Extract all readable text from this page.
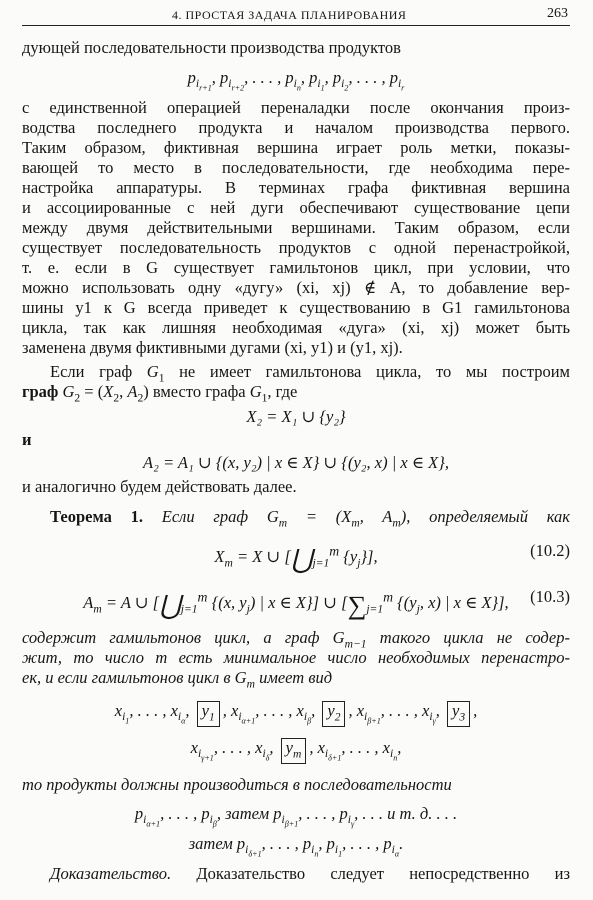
4. ПРОСТАЯ ЗАДАЧА ПЛАНИРОВАНИЯ	263
дующей последовательности производства продуктов
$p_{i_{r+1}}$, $p_{i_{r+2}}$, . . . , $p_{i_n}$, $p_{i_1}$, $p_{i_2}$, . . . , $p_{i_r}$
с единственной операцией переналадки после окончания произ-
водства последнего продукта и началом производства первого.
Таким образом, фиктивная вершина играет роль метки, показы-
вающей то место в последовательности, где необходима пере-
настройка аппаратуры. В терминах графа фиктивная вершина
и ассоциированные с ней дуги обеспечивают существование цепи
между двумя действительными вершинами. Таким образом, если
существует последовательность продуктов с одной перенастройкой,
т. е. если в G существует гамильтонов цикл, при условии, что
можно использовать одну «дугу» (xi, xj) ∉ A, то добавление вер-
шины y1 к G всегда приведет к существованию в G1 гамильтонова
цикла, так как лишняя необходимая «дуга» (xi, xj) может быть
заменена двумя фиктивными дугами (xi, y1) и (y1, xj).
Если граф $G_1$ не имеет гамильтонова цикла, то мы построим
граф $G_2 = (X_2$, $A_2$) вместо графа $G_1$, где
X₂ = X₁ ∪ {y₂}
и
A₂ = A₁ ∪ {(x, y₂) | x ∈ X} ∪ {(y₂, x) | x ∈ X},
и аналогично будем действовать далее.
Теорема 1. Если граф $G_m = (X_m$, $A_m$), определяемый как
$X_m = X$ ∪ [$⋃_{j=1}^m$ $\{y_j\}$],	(10.2)
$A_m = A$ ∪ [$⋃_{j=1}^m$ {(x, $y_j$) | x ∈ X}] ∪ [$\sum_{j=1}^m$ {($y_j$, x) | x ∈ X}], (10.3)
содержит гамильтонов цикл, а граф $G_{m-1}$ такого цикла не содер-
жит, то число m есть минимальное число необходимых перенастро-
ек, и если гамильтонов цикл в $G_m$ имеет вид
$x_{i_1}$, . . . , $x_{i_\alpha}$, $y_1$ , $x_{i_{\alpha+1}}$, . . . , $x_{i_\beta}$, $y_2$ , $x_{i_{\beta+1}}$, . . . , $x_{i_\gamma}$, $y_3$ ,
$x_{i_{\gamma+1}}$, . . . , $x_{i_\delta}$, $y_m$ , $x_{i_{\delta+1}}$, . . . , $x_{i_n}$,
то продукты должны производиться в последовательности
$p_{i_{\alpha+1}}$, . . . , $p_{i_\beta}$, затем $p_{i_{\beta+1}}$, . . . , $p_{i_\gamma}$, . . . и т. д. . . .
затем $p_{i_{\delta+1}}$, . . . , $p_{i_n}$, $p_{i_1}$, . . . , $p_{i_\alpha}$.
Доказательство. Доказательство следует непосредственно из
